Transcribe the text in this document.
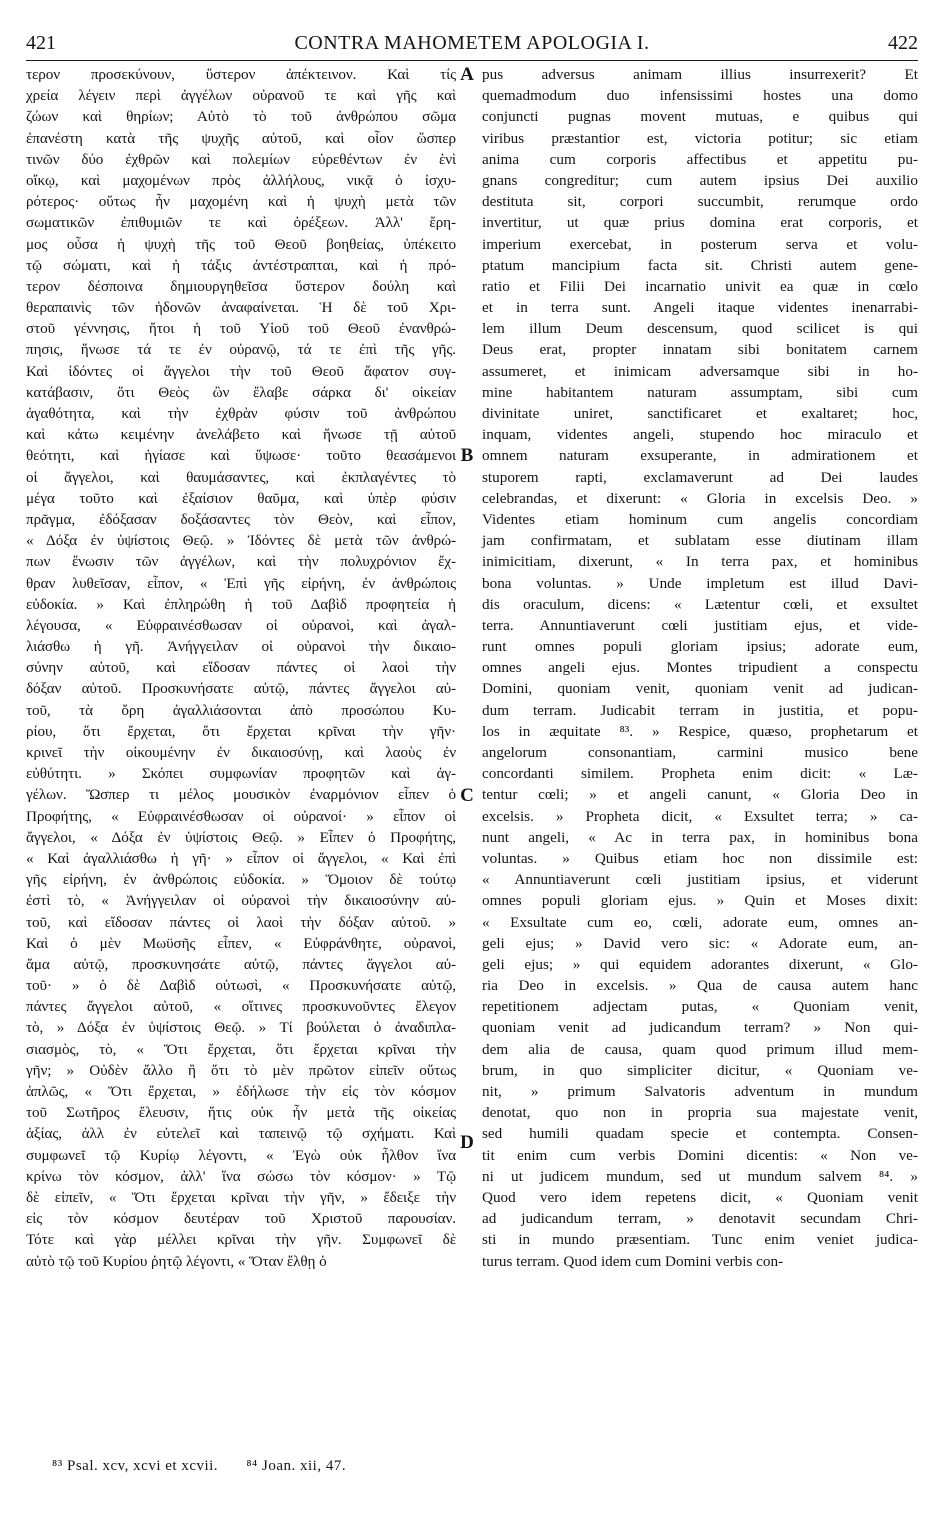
421	CONTRA MAHOMETEM APOLOGIA I.	422
τερον προσεκύνουν, ὕστερον ἀπέκτεινον. Καὶ τίς
χρεία λέγειν περὶ ἀγγέλων οὐρανοῦ τε καὶ γῆς καὶ
ζώων καὶ θηρίων; Αὐτὸ τὸ τοῦ ἀνθρώπου σῶμα
ἐπανέστη κατὰ τῆς ψυχῆς αὐτοῦ, καὶ οἷον ὥσπερ
τινῶν δύο ἐχθρῶν καὶ πολεμίων εὑρεθέντων ἐν ἑνὶ
οἴκῳ, καὶ μαχομένων πρὸς ἀλλήλους, νικᾷ ὁ ἰσχυ-
ρότερος· οὕτως ἦν μαχομένη καὶ ἡ ψυχὴ μετὰ τῶν
σωματικῶν ἐπιθυμιῶν τε καὶ ὀρέξεων. Ἀλλ' ἔρη-
μος οὖσα ἡ ψυχὴ τῆς τοῦ Θεοῦ βοηθείας, ὑπέκειτο
τῷ σώματι, καὶ ἡ τάξις ἀντέστραπται, καὶ ἡ πρό-
τερον δέσποινα δημιουργηθεῖσα ὕστερον δούλη καὶ
θεραπαινὶς τῶν ἡδονῶν ἀναφαίνεται. Ἡ δὲ τοῦ Χρι-
στοῦ γέννησις, ἤτοι ἡ τοῦ Υἱοῦ τοῦ Θεοῦ ἐνανθρώ-
πησις, ἥνωσε τά τε ἐν οὐρανῷ, τά τε ἐπὶ τῆς γῆς.
Καὶ ἰδόντες οἱ ἄγγελοι τὴν τοῦ Θεοῦ ἄφατον συγ-
κατάβασιν, ὅτι Θεὸς ὢν ἔλαβε σάρκα δι' οἰκείαν
ἀγαθότητα, καὶ τὴν ἐχθρὰν φύσιν τοῦ ἀνθρώπου
καὶ κάτω κειμένην ἀνελάβετο καὶ ἥνωσε τῇ αὐτοῦ
θεότητι, καὶ ἡγίασε καὶ ὕψωσε· τοῦτο θεασάμενοι
οἱ ἄγγελοι, καὶ θαυμάσαντες, καὶ ἐκπλαγέντες τὸ
μέγα τοῦτο καὶ ἐξαίσιον θαῦμα, καὶ ὑπὲρ φύσιν
πρᾶγμα, ἐδόξασαν δοξάσαντες τὸν Θεὸν, καὶ εἶπον,
« Δόξα ἐν ὑψίστοις Θεῷ. » Ἰδόντες δὲ μετὰ τῶν ἀνθρώ-
πων ἕνωσιν τῶν ἀγγέλων, καὶ τὴν πολυχρόνιον ἔχ-
θραν λυθεῖσαν, εἶπον, « Ἐπὶ γῆς εἰρήνη, ἐν ἀνθρώποις
εὐδοκία. » Καὶ ἐπληρώθη ἡ τοῦ Δαβὶδ προφητεία ἡ
λέγουσα, « Εὐφραινέσθωσαν οἱ οὐρανοὶ, καὶ ἀγαλ-
λιάσθω ἡ γῆ. Ἀνήγγειλαν οἱ οὐρανοὶ τὴν δικαιο-
σύνην αὐτοῦ, καὶ εἴδοσαν πάντες οἱ λαοὶ τὴν
δόξαν αὐτοῦ. Προσκυνήσατε αὐτῷ, πάντες ἄγγελοι αὐ-
τοῦ, τὰ ὄρη ἀγαλλιάσονται ἀπὸ προσώπου Κυ-
ρίου, ὅτι ἔρχεται, ὅτι ἔρχεται κρῖναι τὴν γῆν·
κρινεῖ τὴν οἰκουμένην ἐν δικαιοσύνῃ, καὶ λαοὺς ἐν
εὐθύτητι. » Σκόπει συμφωνίαν προφητῶν καὶ ἀγ-
γέλων. Ὥσπερ τι μέλος μουσικὸν ἐναρμόνιον εἶπεν ὁ
Προφήτης, « Εὐφραινέσθωσαν οἱ οὐρανοί· » εἶπον οἱ
ἄγγελοι, « Δόξα ἐν ὑψίστοις Θεῷ. » Εἶπεν ὁ Προφήτης,
« Καὶ ἀγαλλιάσθω ἡ γῆ· » εἶπον οἱ ἄγγελοι, « Καὶ ἐπὶ
γῆς εἰρήνη, ἐν ἀνθρώποις εὐδοκία. » Ὅμοιον δὲ τούτῳ
ἐστὶ τὸ, « Ἀνήγγειλαν οἱ οὐρανοὶ τὴν δικαιοσύνην αὐ-
τοῦ, καὶ εἴδοσαν πάντες οἱ λαοὶ τὴν δόξαν αὐτοῦ. »
Καὶ ὁ μὲν Μωϋσῆς εἶπεν, « Εὐφράνθητε, οὐρανοὶ,
ἅμα αὐτῷ, προσκυνησάτε αὐτῷ, πάντες ἄγγελοι αὐ-
τοῦ· » ὁ δὲ Δαβὶδ οὑτωσὶ, « Προσκυνήσατε αὐτῷ,
πάντες ἄγγελοι αὐτοῦ, « οἵτινες προσκυνοῦντες ἔλεγον
τὸ, » Δόξα ἐν ὑψίστοις Θεῷ. » Τί βούλεται ὁ ἀναδιπλα-
σιασμὸς, τὸ, « Ὅτι ἔρχεται, ὅτι ἔρχεται κρῖναι τὴν
γῆν; » Οὐδὲν ἄλλο ἢ ὅτι τὸ μὲν πρῶτον εἰπεῖν οὕτως
ἁπλῶς, « Ὅτι ἔρχεται, » ἐδήλωσε τὴν εἰς τὸν κόσμον
τοῦ Σωτῆρος ἔλευσιν, ἥτις οὐκ ἦν μετὰ τῆς οἰκείας
ἀξίας, ἀλλ ἐν εὐτελεῖ καὶ ταπεινῷ τῷ σχήματι. Καὶ
συμφωνεῖ τῷ Κυρίῳ λέγοντι, « Ἐγὼ οὐκ ἦλθον ἵνα
κρίνω τὸν κόσμον, ἀλλ' ἵνα σώσω τὸν κόσμον· » Τῷ
δὲ εἰπεῖν, « Ὅτι ἔρχεται κρῖναι τὴν γῆν, » ἔδειξε τὴν
εἰς τὸν κόσμον δευτέραν τοῦ Χριστοῦ παρουσίαν.
Τότε καὶ γὰρ μέλλει κρῖναι τὴν γῆν. Συμφωνεῖ δὲ
αὐτὸ τῷ τοῦ Κυρίου ῥητῷ λέγοντι, « Ὅταν ἔλθῃ ὁ
pus adversus animam illius insurrexerit? Et
quemadmodum duo infensissimi hostes una domo
conjuncti pugnas movent mutuas, e quibus qui
viribus præstantior est, victoria potitur; sic etiam
anima cum corporis affectibus et appetitu pu-
gnans congreditur; cum autem ipsius Dei auxilio
destituta sit, corpori succumbit, rerumque ordo
invertitur, ut quæ prius domina erat corporis, et
imperium exercebat, in posterum serva et volu-
ptatum mancipium facta sit. Christi autem gene-
ratio et Filii Dei incarnatio univit ea quæ in cœlo
et in terra sunt. Angeli itaque videntes inenarrabi-
lem illum Deum descensum, quod scilicet is qui
Deus erat, propter innatam sibi bonitatem carnem
assumeret, et inimicam adversamque sibi in ho-
mine habitantem naturam assumptam, sibi cum
divinitate uniret, sanctificaret et exaltaret; hoc,
inquam, videntes angeli, stupendo hoc miraculo et
omnem naturam exsuperante, in admirationem et
stuporem rapti, exclamaverunt ad Dei laudes
celebrandas, et dixerunt: « Gloria in excelsis Deo. »
Videntes etiam hominum cum angelis concordiam
jam confirmatam, et sublatam esse diutinam illam
inimicitiam, dixerunt, « In terra pax, et hominibus
bona voluntas. » Unde impletum est illud Davi-
dis oraculum, dicens: « Lætentur cœli, et exsultet
terra. Annuntiaverunt cœli justitiam ejus, et vide-
runt omnes populi gloriam ipsius; adorate eum,
omnes angeli ejus. Montes tripudient a conspectu
Domini, quoniam venit, quoniam venit ad judican-
dum terram. Judicabit terram in justitia, et popu-
los in æquitate ⁸³. » Respice, quæso, prophetarum et
angelorum consonantiam, carmini musico bene
concordanti similem. Propheta enim dicit: « Læ-
tentur cœli; » et angeli canunt, « Gloria Deo in
excelsis. » Propheta dicit, « Exsultet terra; » ca-
nunt angeli, « Ac in terra pax, in hominibus bona
voluntas. » Quibus etiam hoc non dissimile est:
« Annuntiaverunt cœli justitiam ipsius, et viderunt
omnes populi gloriam ejus. » Quin et Moses dixit:
« Exsultate cum eo, cœli, adorate eum, omnes an-
geli ejus; » David vero sic: « Adorate eum, an-
geli ejus; » qui equidem adorantes dixerunt, « Glo-
ria Deo in excelsis. » Qua de causa autem hanc
repetitionem adjectam putas, « Quoniam venit,
quoniam venit ad judicandum terram? » Non qui-
dem alia de causa, quam quod primum illud mem-
brum, in quo simpliciter dicitur, « Quoniam ve-
nit, » primum Salvatoris adventum in mundum
denotat, quo non in propria sua majestate venit,
sed humili quadam specie et contempta. Consen-
tit enim cum verbis Domini dicentis: « Non ve-
ni ut judicem mundum, sed ut mundum salvem ⁸⁴. »
Quod vero idem repetens dicit, « Quoniam venit
ad judicandum terram, » denotavit secundam Chri-
sti in mundo præsentiam. Tunc enim veniet judica-
turus terram. Quod idem cum Domini verbis con-
A
B
C
D
⁸³ Psal. xcv, xcvi et xcvii. ⁸⁴ Joan. xii, 47.
